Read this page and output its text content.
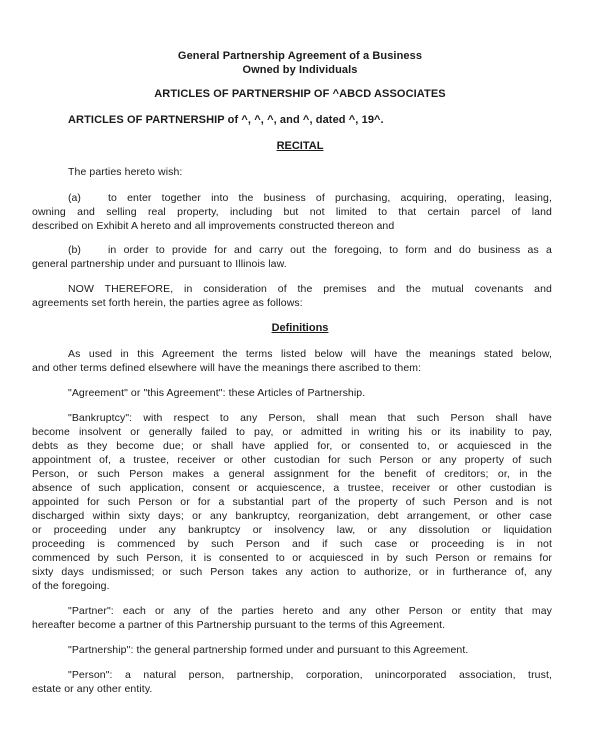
General Partnership Agreement of a Business
Owned by Individuals
ARTICLES OF PARTNERSHIP OF ^ABCD ASSOCIATES
ARTICLES OF PARTNERSHIP of ^, ^, ^, and ^, dated ^, 19^.
RECITAL
The parties hereto wish:
(a)	to enter together into the business of purchasing, acquiring, operating, leasing,
owning and selling real property, including but not limited to that certain parcel of land
described on Exhibit A hereto and all improvements constructed thereon and
(b)	in order to provide for and carry out the foregoing, to form and do business as a
general partnership under and pursuant to Illinois law.
NOW THEREFORE, in consideration of the premises and the mutual covenants and
agreements set forth herein, the parties agree as follows:
Definitions
As used in this Agreement the terms listed below will have the meanings stated below,
and other terms defined elsewhere will have the meanings there ascribed to them:
"Agreement" or "this Agreement": these Articles of Partnership.
"Bankruptcy": with respect to any Person, shall mean that such Person shall have
become insolvent or generally failed to pay, or admitted in writing his or its inability to pay,
debts as they become due; or shall have applied for, or consented to, or acquiesced in the
appointment of, a trustee, receiver or other custodian for such Person or any property of such
Person, or such Person makes a general assignment for the benefit of creditors; or, in the
absence of such application, consent or acquiescence, a trustee, receiver or other custodian is
appointed for such Person or for a substantial part of the property of such Person and is not
discharged within sixty days; or any bankruptcy, reorganization, debt arrangement, or other case
or proceeding under any bankruptcy or insolvency law, or any dissolution or liquidation
proceeding is commenced by such Person and if such case or proceeding is in not
commenced by such Person, it is consented to or acquiesced in by such Person or remains for
sixty days undismissed; or such Person takes any action to authorize, or in furtherance of, any
of the foregoing.
"Partner": each or any of the parties hereto and any other Person or entity that may
hereafter become a partner of this Partnership pursuant to the terms of this Agreement.
"Partnership": the general partnership formed under and pursuant to this Agreement.
"Person": a natural person, partnership, corporation, unincorporated association, trust,
estate or any other entity.
